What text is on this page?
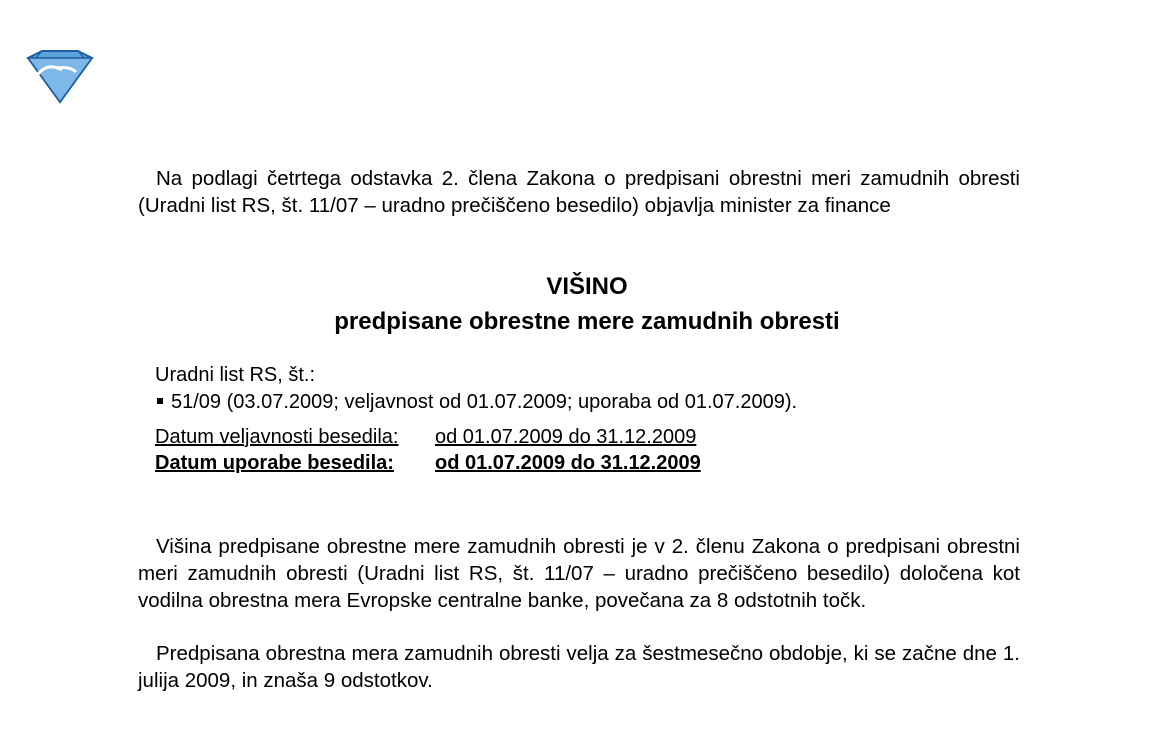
Na podlagi četrtega odstavka 2. člena Zakona o predpisani obrestni meri zamudnih obresti (Uradni list RS, št. 11/07 – uradno prečiščeno besedilo) objavlja minister za finance

VIŠINO
predpisane obrestne mere zamudnih obresti
Uradni list RS, št.:
51/09 (03.07.2009; veljavnost od 01.07.2009; uporaba od 01.07.2009).
Datum veljavnosti besedila:	od 01.07.2009 do 31.12.2009
Datum uporabe besedila:	od 01.07.2009 do 31.12.2009

Višina predpisane obrestne mere zamudnih obresti je v 2. členu Zakona o predpisani obrestni meri zamudnih obresti (Uradni list RS, št. 11/07 – uradno prečiščeno besedilo) določena kot vodilna obrestna mera Evropske centralne banke, povečana za 8 odstotnih točk.

Predpisana obrestna mera zamudnih obresti velja za šestmesečno obdobje, ki se začne dne 1. julija 2009, in znaša 9 odstotkov.
